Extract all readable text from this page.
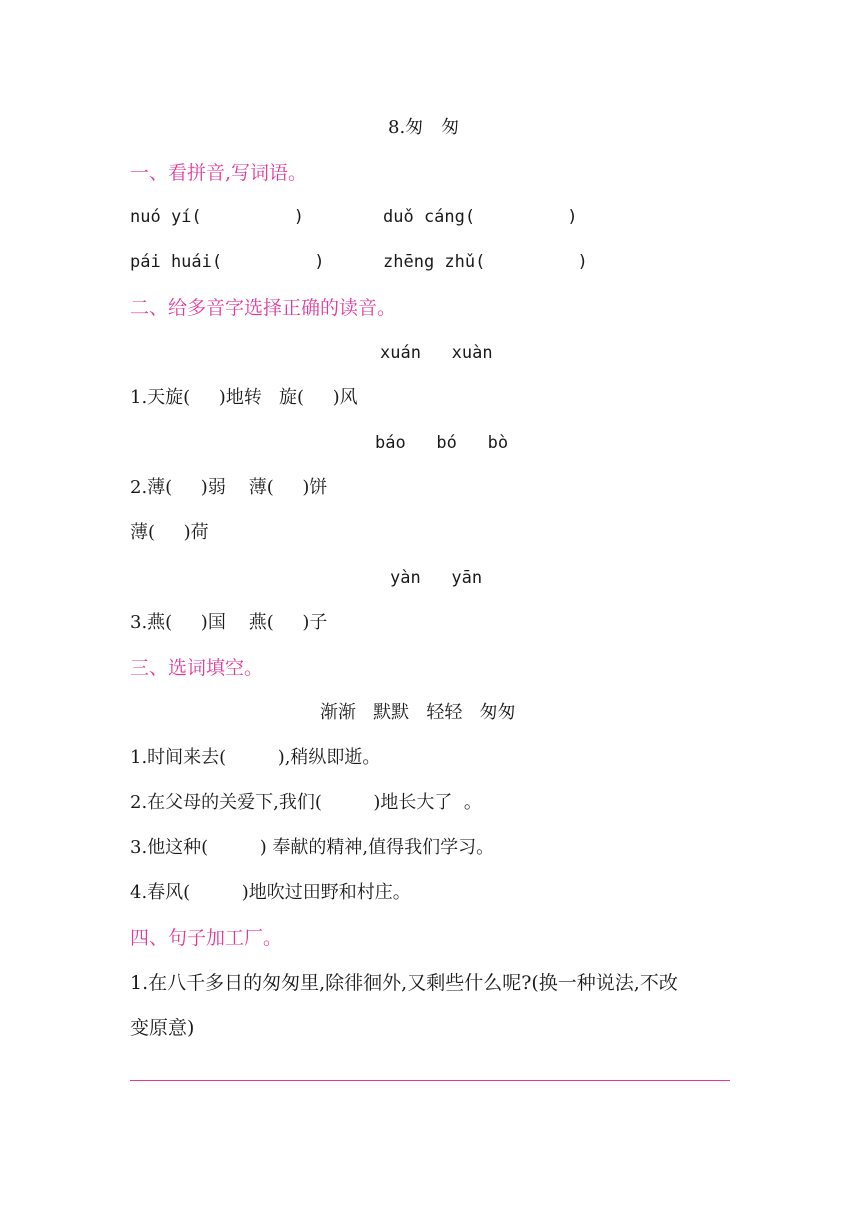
8.匆　匆
一、看拼音,写词语。
nuó yí(         )	duǒ cáng(         )
pái huái(         )	zhēng zhǔ(         )
二、给多音字选择正确的读音。
xuán   xuàn
1.天旋(     )地转   旋(     )风
báo   bó   bò
2.薄(     )弱    薄(     )饼
薄(     )荷
yàn   yān
3.燕(     )国    燕(     )子
三、选词填空。
渐渐   默默   轻轻   匆匆
1.时间来去(         ),稍纵即逝。
2.在父母的关爱下,我们(         )地长大了  。
3.他这种(         ) 奉献的精神,值得我们学习。
4.春风(         )地吹过田野和村庄。
四、句子加工厂。
1.在八千多日的匆匆里,除徘徊外,又剩些什么呢?(换一种说法,不改
变原意)
